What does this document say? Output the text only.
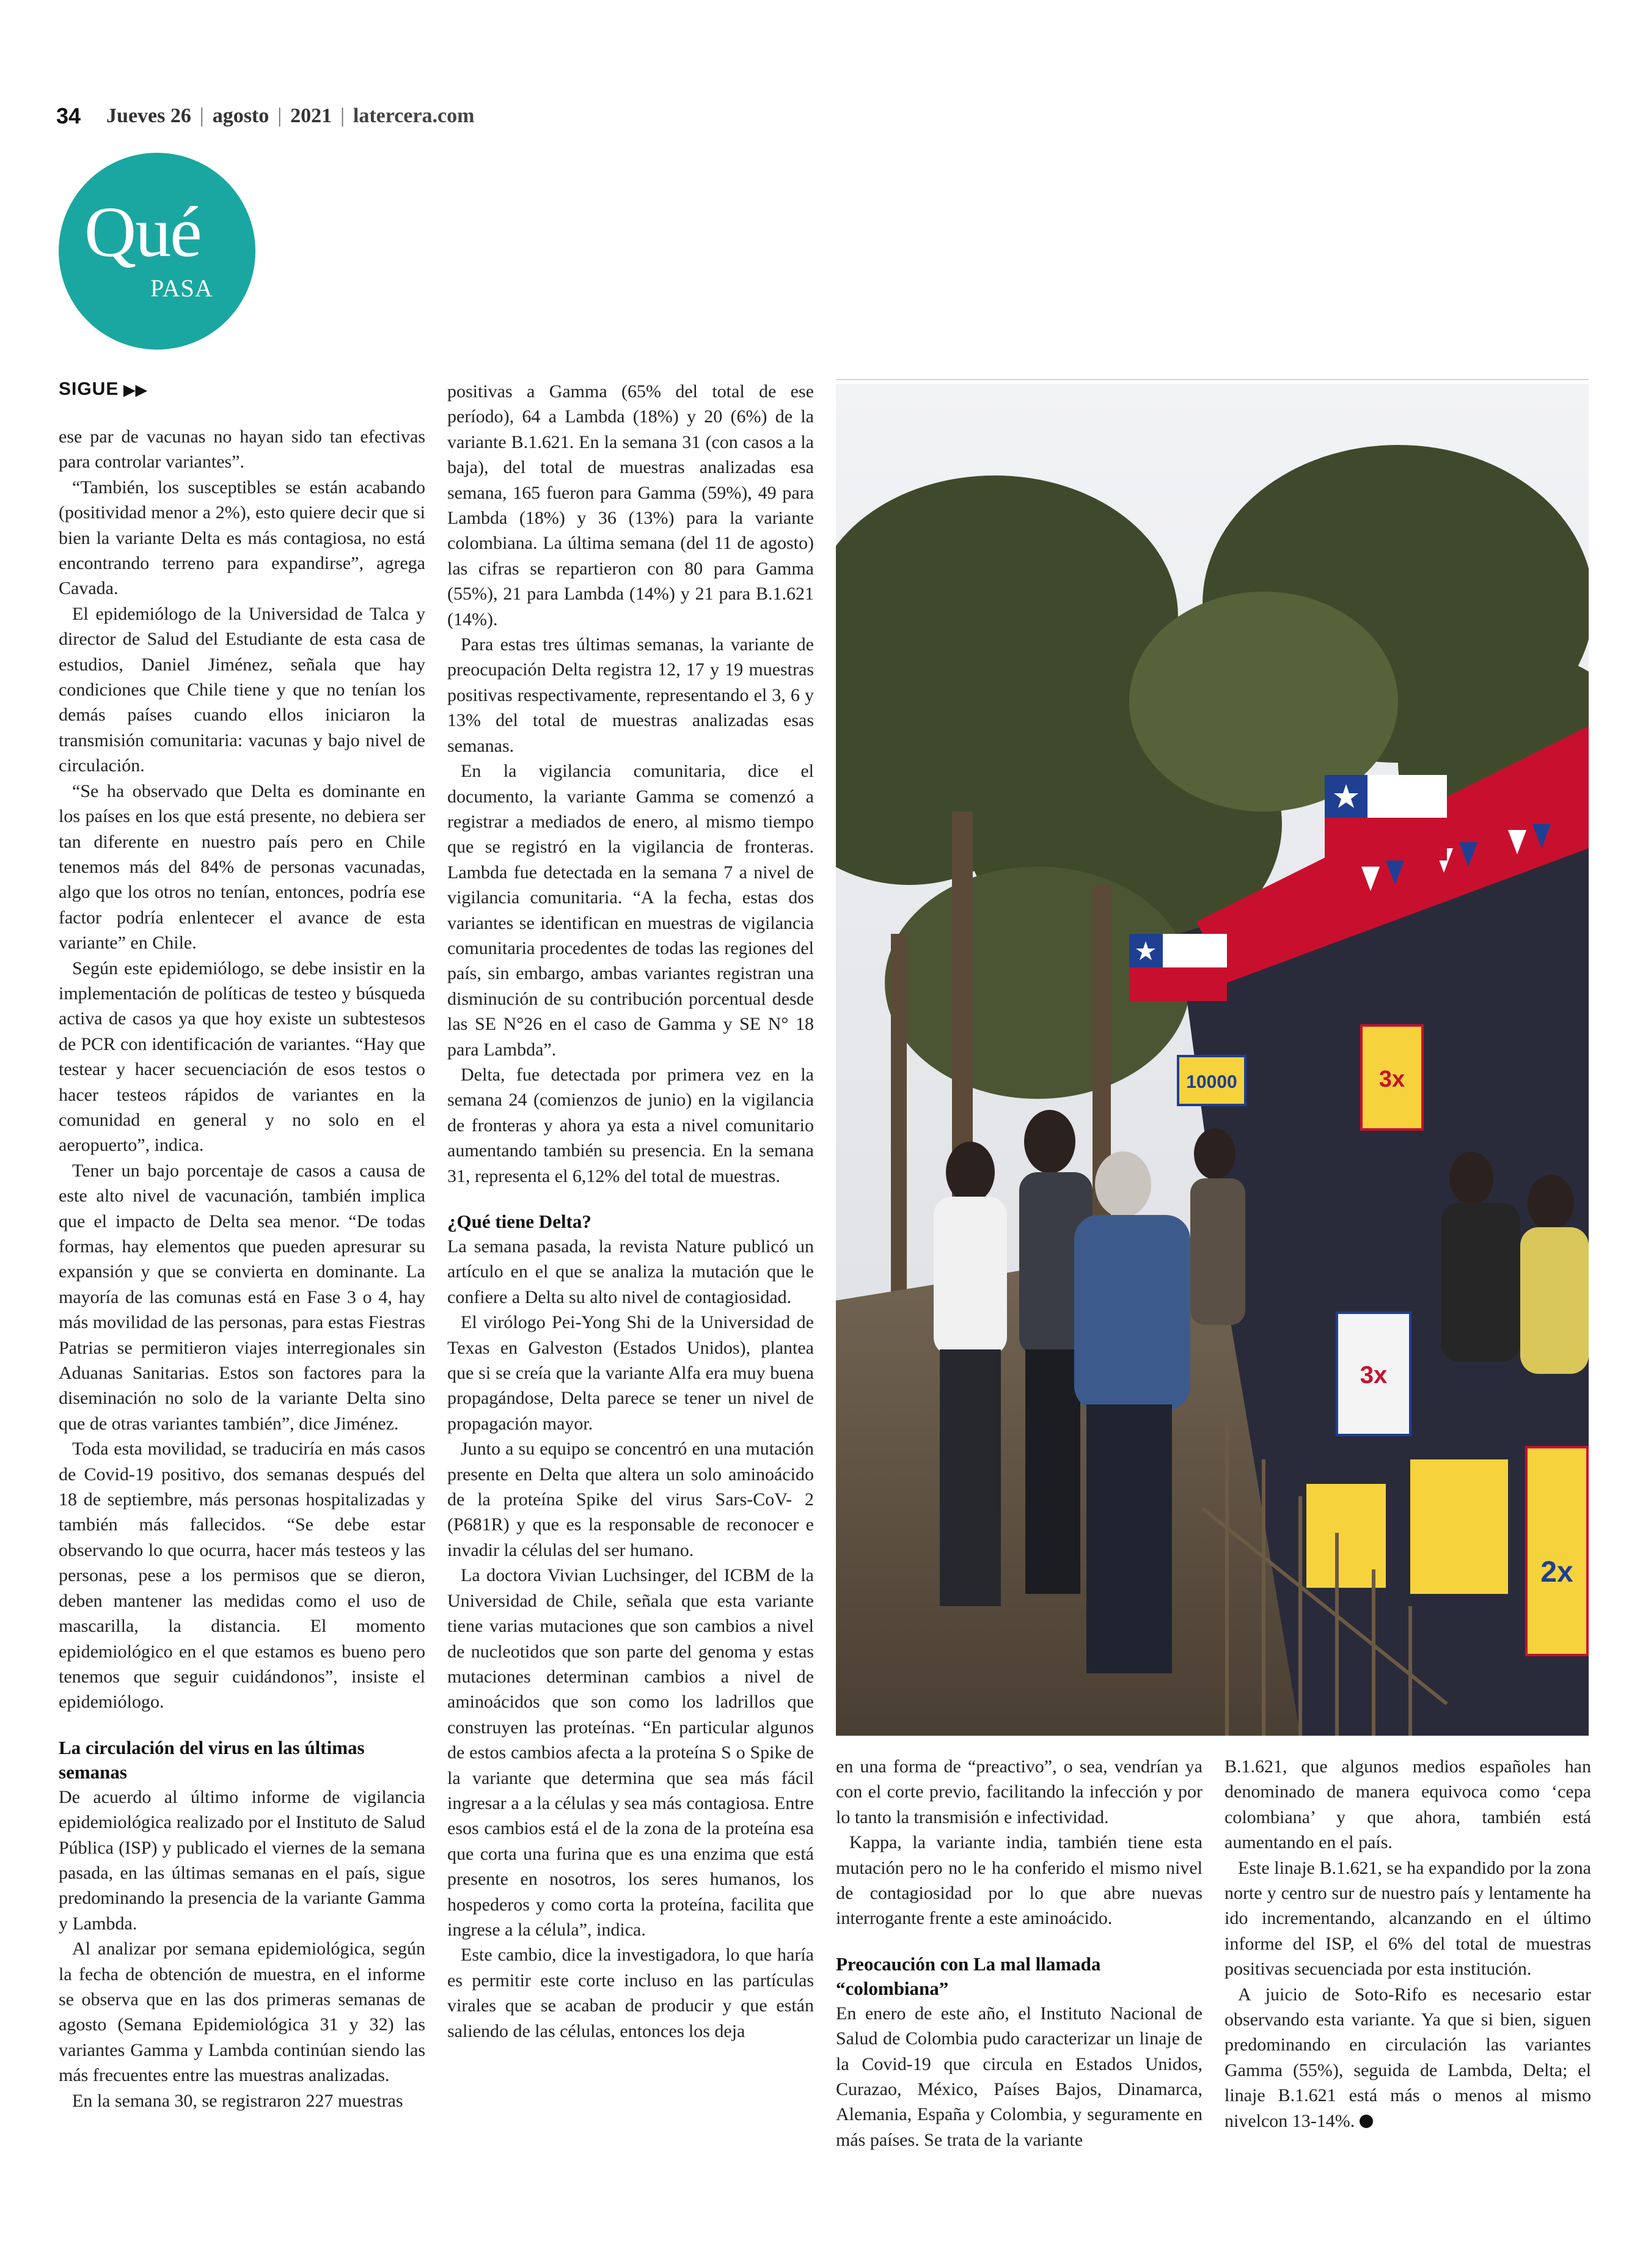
34 Jueves 26 | agosto | 2021 | latercera.com
Qué
PASA
SIGUE ▶▶

ese par de vacunas no hayan sido tan efectivas para controlar variantes”.

“También, los susceptibles se están acabando (positividad menor a 2%), esto quiere decir que si bien la variante Delta es más contagiosa, no está encontrando terreno para expandirse”, agrega Cavada.

El epidemiólogo de la Universidad de Talca y director de Salud del Estudiante de esta casa de estudios, Daniel Jiménez, señala que hay condiciones que Chile tiene y que no tenían los demás países cuando ellos iniciaron la transmisión comunitaria: vacunas y bajo nivel de circulación.

“Se ha observado que Delta es dominante en los países en los que está presente, no debiera ser tan diferente en nuestro país pero en Chile tenemos más del 84% de personas vacunadas, algo que los otros no tenían, entonces, podría ese factor podría enlentecer el avance de esta variante” en Chile.

Según este epidemiólogo, se debe insistir en la implementación de políticas de testeo y búsqueda activa de casos ya que hoy existe un subtestesos de PCR con identificación de variantes. “Hay que testear y hacer secuenciación de esos testos o hacer testeos rápidos de variantes en la comunidad en general y no solo en el aeropuerto”, indica.

Tener un bajo porcentaje de casos a causa de este alto nivel de vacunación, también implica que el impacto de Delta sea menor. “De todas formas, hay elementos que pueden apresurar su expansión y que se convierta en dominante. La mayoría de las comunas está en Fase 3 o 4, hay más movilidad de las personas, para estas Fiestras Patrias se permitieron viajes interregionales sin Aduanas Sanitarias. Estos son factores para la diseminación no solo de la variante Delta sino que de otras variantes también”, dice Jiménez.

Toda esta movilidad, se traduciría en más casos de Covid-19 positivo, dos semanas después del 18 de septiembre, más personas hospitalizadas y también más fallecidos. “Se debe estar observando lo que ocurra, hacer más testeos y las personas, pese a los permisos que se dieron, deben mantener las medidas como el uso de mascarilla, la distancia. El momento epidemiológico en el que estamos es bueno pero tenemos que seguir cuidándonos”, insiste el epidemiólogo.

La circulación del virus en las últimas semanas

De acuerdo al último informe de vigilancia epidemiológica realizado por el Instituto de Salud Pública (ISP) y publicado el viernes de la semana pasada, en las últimas semanas en el país, sigue predominando la presencia de la variante Gamma y Lambda.

Al analizar por semana epidemiológica, según la fecha de obtención de muestra, en el informe se observa que en las dos primeras semanas de agosto (Semana Epidemiológica 31 y 32) las variantes Gamma y Lambda continúan siendo las más frecuentes entre las muestras analizadas.

En la semana 30, se registraron 227 muestras

positivas a Gamma (65% del total de ese período), 64 a Lambda (18%) y 20 (6%) de la variante B.1.621. En la semana 31 (con casos a la baja), del total de muestras analizadas esa semana, 165 fueron para Gamma (59%), 49 para Lambda (18%) y 36 (13%) para la variante colombiana. La última semana (del 11 de agosto) las cifras se repartieron con 80 para Gamma (55%), 21 para Lambda (14%) y 21 para B.1.621 (14%).

Para estas tres últimas semanas, la variante de preocupación Delta registra 12, 17 y 19 muestras positivas respectivamente, representando el 3, 6 y 13% del total de muestras analizadas esas semanas.

En la vigilancia comunitaria, dice el documento, la variante Gamma se comenzó a registrar a mediados de enero, al mismo tiempo que se registró en la vigilancia de fronteras. Lambda fue detectada en la semana 7 a nivel de vigilancia comunitaria. “A la fecha, estas dos variantes se identifican en muestras de vigilancia comunitaria procedentes de todas las regiones del país, sin embargo, ambas variantes registran una disminución de su contribución porcentual desde las SE N°26 en el caso de Gamma y SE N° 18 para Lambda”.

Delta, fue detectada por primera vez en la semana 24 (comienzos de junio) en la vigilancia de fronteras y ahora ya esta a nivel comunitario aumentando también su presencia. En la semana 31, representa el 6,12% del total de muestras.

¿Qué tiene Delta?

La semana pasada, la revista Nature publicó un artículo en el que se analiza la mutación que le confiere a Delta su alto nivel de contagiosidad.

El virólogo Pei-Yong Shi de la Universidad de Texas en Galveston (Estados Unidos), plantea que si se creía que la variante Alfa era muy buena propagándose, Delta parece se tener un nivel de propagación mayor.

Junto a su equipo se concentró en una mutación presente en Delta que altera un solo aminoácido de la proteína Spike del virus Sars-CoV- 2 (P681R) y que es la responsable de reconocer e invadir la células del ser humano.

La doctora Vivian Luchsinger, del ICBM de la Universidad de Chile, señala que esta variante tiene varias mutaciones que son cambios a nivel de nucleotidos que son parte del genoma y estas mutaciones determinan cambios a nivel de aminoácidos que son como los ladrillos que construyen las proteínas. “En particular algunos de estos cambios afecta a la proteína S o Spike de la variante que determina que sea más fácil ingresar a a la células y sea más contagiosa. Entre esos cambios está el de la zona de la proteína esa que corta una furina que es una enzima que está presente en nosotros, los seres humanos, los hospederos y como corta la proteína, facilita que ingrese a la célula”, indica.

Este cambio, dice la investigadora, lo que haría es permitir este corte incluso en las partículas virales que se acaban de producir y que están saliendo de las células, entonces los deja

10000	3x
3x
2x

en una forma de “preactivo”, o sea, vendrían ya con el corte previo, facilitando la infección y por lo tanto la transmisión e infectividad.

Kappa, la variante india, también tiene esta mutación pero no le ha conferido el mismo nivel de contagiosidad por lo que abre nuevas interrogante frente a este aminoácido.

Preocaución con La mal llamada “colombiana”

En enero de este año, el Instituto Nacional de Salud de Colombia pudo caracterizar un linaje de la Covid-19 que circula en Estados Unidos, Curazao, México, Países Bajos, Dinamarca, Alemania, España y Colombia, y seguramente en más países. Se trata de la variante

B.1.621, que algunos medios españoles han denominado de manera equivoca como ‘cepa colombiana’ y que ahora, también está aumentando en el país.

Este linaje B.1.621, se ha expandido por la zona norte y centro sur de nuestro país y lentamente ha ido incrementando, alcanzando en el último informe del ISP, el 6% del total de muestras positivas secuenciada por esta institución.

A juicio de Soto-Rifo es necesario estar observando esta variante. Ya que si bien, siguen predominando en circulación las variantes Gamma (55%), seguida de Lambda, Delta; el linaje B.1.621 está más o menos al mismo nivelcon 13-14%.
